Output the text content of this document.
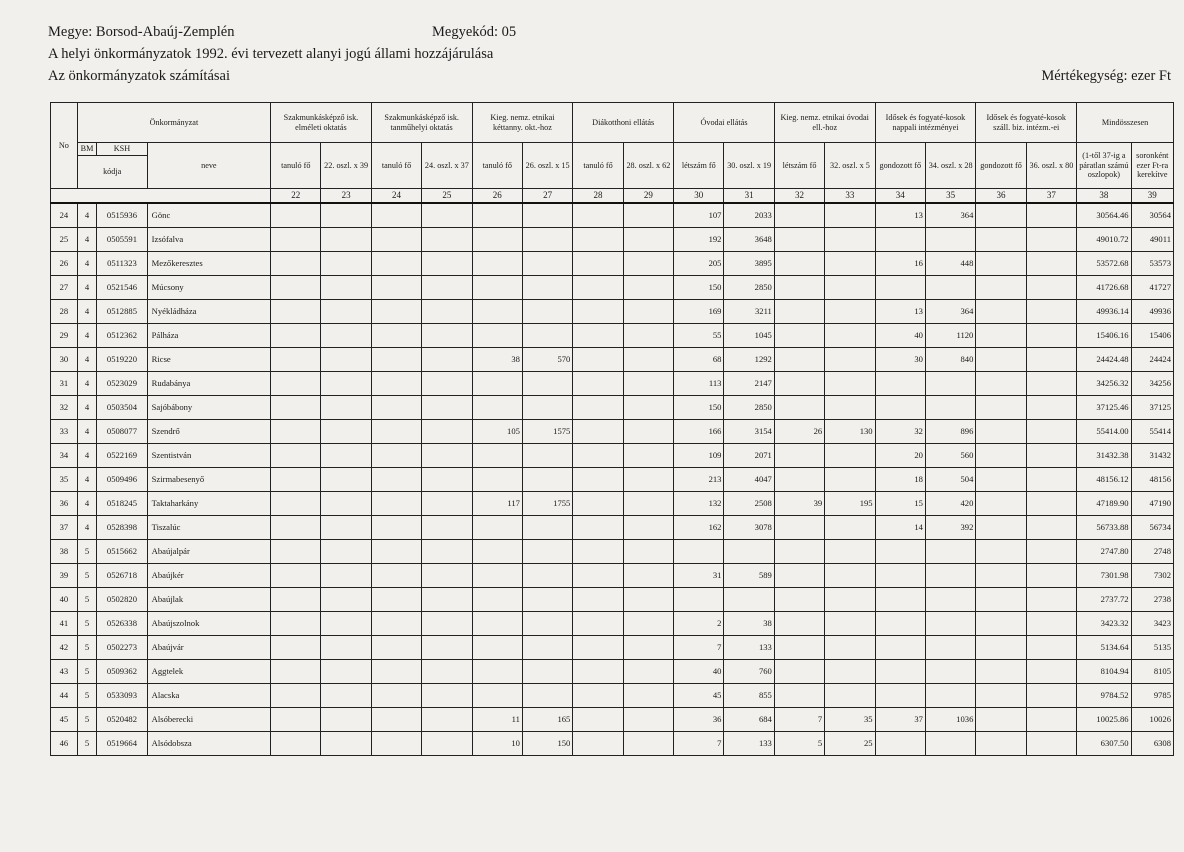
Megye: Borsod-Abaúj-Zemplén	Megyekód: 05
A helyi önkormányzatok 1992. évi tervezett alanyi jogú állami hozzájárulása
Az önkormányzatok számításai	Mértékegység: ezer Ft
No	Önkormányzat			Szakmunkásképző isk. elméleti oktatás		Szakmunkásképző isk. tanműhelyi oktatás		Kieg. nemz. etnikai kéttanny. okt.-hoz		Diákotthoni ellátás		Óvodai ellátás		Kieg. nemz. etnikai óvodai ell.-hoz		Idősek és fogyaté-kosok nappali intézményei		Idősek és fogyaté-kosok száll. biz. intézm.-ei		Mindösszesen	
	BM	KSH	neve	tanuló fő	22. oszl. x 39	tanuló fő	24. oszl. x 37	tanuló fő	26. oszl. x 15	tanuló fő	28. oszl. x 62	létszám fő	30. oszl. x 19	létszám fő	32. oszl. x 5	gondozott fő	34. oszl. x 28	gondozott fő	36. oszl. x 80	(1-től 37-ig a páratlan számú oszlopok)	soronként ezer Ft-ra kerekítve
	kódja																				
				22	23	24	25	26	27	28	29	30	31	32	33	34	35	36	37	38	39
24	4	0515936	Gönc									107	2033			13	364			30564.46	30564
25	4	0505591	Izsófalva									192	3648							49010.72	49011
26	4	0511323	Mezőkeresztes									205	3895			16	448			53572.68	53573
27	4	0521546	Múcsony									150	2850							41726.68	41727
28	4	0512885	Nyékládháza									169	3211			13	364			49936.14	49936
29	4	0512362	Pálháza									55	1045			40	1120			15406.16	15406
30	4	0519220	Ricse					38	570			68	1292			30	840			24424.48	24424
31	4	0523029	Rudabánya									113	2147							34256.32	34256
32	4	0503504	Sajóbábony									150	2850							37125.46	37125
33	4	0508077	Szendrő					105	1575			166	3154	26	130	32	896			55414.00	55414
34	4	0522169	Szentistván									109	2071			20	560			31432.38	31432
35	4	0509496	Szirmabesenyő									213	4047			18	504			48156.12	48156
36	4	0518245	Taktaharkány					117	1755			132	2508	39	195	15	420			47189.90	47190
37	4	0528398	Tiszalúc									162	3078			14	392			56733.88	56734
38	5	0515662	Abaújalpár																	2747.80	2748
39	5	0526718	Abaújkér									31	589							7301.98	7302
40	5	0502820	Abaújlak																	2737.72	2738
41	5	0526338	Abaújszolnok									2	38							3423.32	3423
42	5	0502273	Abaújvár									7	133							5134.64	5135
43	5	0509362	Aggtelek									40	760							8104.94	8105
44	5	0533093	Alacska									45	855							9784.52	9785
45	5	0520482	Alsóberecki					11	165			36	684	7	35	37	1036			10025.86	10026
46	5	0519664	Alsódobsza					10	150			7	133	5	25					6307.50	6308
